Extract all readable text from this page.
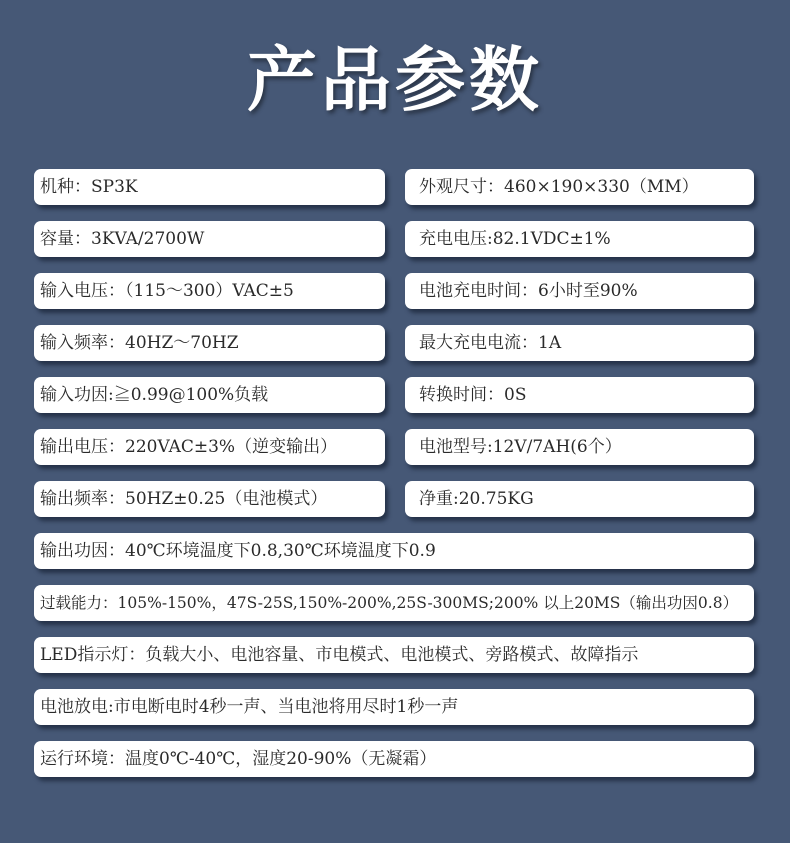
产品参数
机种：SP3K	外观尺寸：460×190×330（MM）
容量：3KVA/2700W	充电电压:82.1VDC±1%
输入电压：（115～300）VAC±5	电池充电时间：6小时至90%
输入频率：40HZ～70HZ	最大充电电流：1A
输入功因:≧0.99@100%负载	转换时间：0S
输出电压：220VAC±3%（逆变输出）	电池型号:12V/7AH(6个）
输出频率：50HZ±0.25（电池模式）	净重:20.75KG
输出功因：40℃环境温度下0.8,30℃环境温度下0.9
过载能力：105%-150%，47S-25S,150%-200%,25S-300MS;200% 以上20MS（输出功因0.8）
LED指示灯：负载大小、电池容量、市电模式、电池模式、旁路模式、故障指示
电池放电:市电断电时4秒一声、当电池将用尽时1秒一声
运行环境：温度0℃-40℃，湿度20-90%（无凝霜）
